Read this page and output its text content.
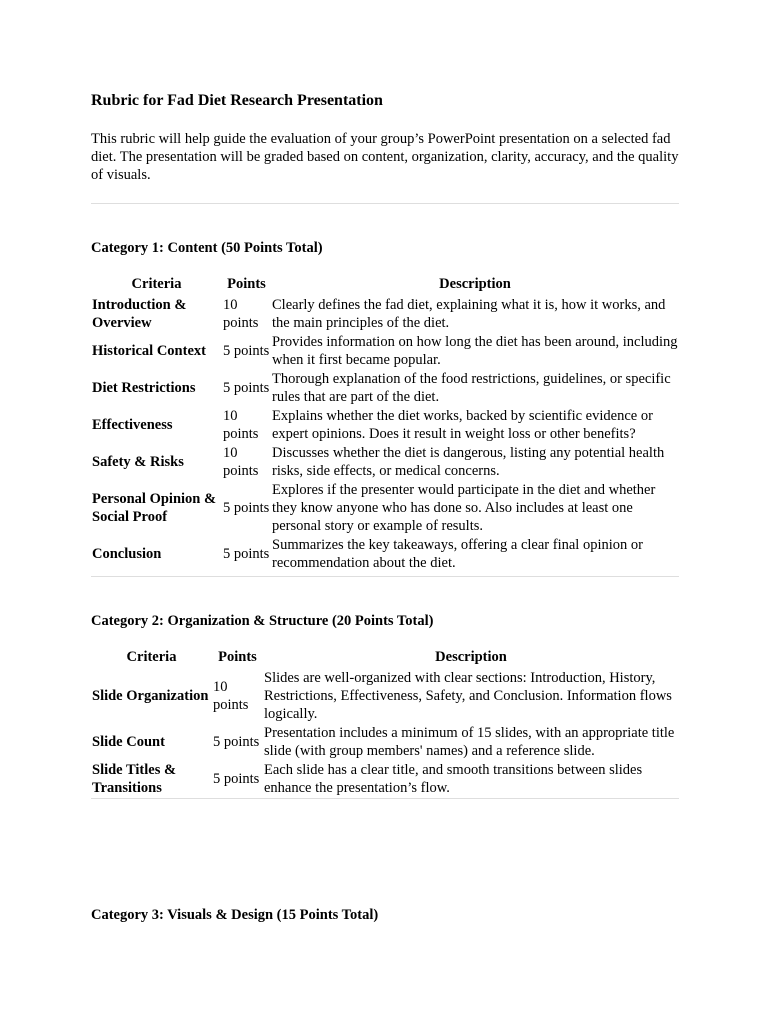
Rubric for Fad Diet Research Presentation

This rubric will help guide the evaluation of your group’s PowerPoint presentation on a selected fad diet. The presentation will be graded based on content, organization, clarity, accuracy, and the quality of visuals.

Category 1: Content (50 Points Total)
Criteria	Points	Description
Introduction & Overview	10 points	Clearly defines the fad diet, explaining what it is, how it works, and the main principles of the diet.
Historical Context	5 points	Provides information on how long the diet has been around, including when it first became popular.
Diet Restrictions	5 points	Thorough explanation of the food restrictions, guidelines, or specific rules that are part of the diet.
Effectiveness	10 points	Explains whether the diet works, backed by scientific evidence or expert opinions. Does it result in weight loss or other benefits?
Safety & Risks	10 points	Discusses whether the diet is dangerous, listing any potential health risks, side effects, or medical concerns.
Personal Opinion & Social Proof	5 points	Explores if the presenter would participate in the diet and whether they know anyone who has done so. Also includes at least one personal story or example of results.
Conclusion	5 points	Summarizes the key takeaways, offering a clear final opinion or recommendation about the diet.
Category 2: Organization & Structure (20 Points Total)
Criteria	Points	Description
Slide Organization	10 points	Slides are well-organized with clear sections: Introduction, History, Restrictions, Effectiveness, Safety, and Conclusion. Information flows logically.
Slide Count	5 points	Presentation includes a minimum of 15 slides, with an appropriate title slide (with group members' names) and a reference slide.
Slide Titles & Transitions	5 points	Each slide has a clear title, and smooth transitions between slides enhance the presentation’s flow.
Category 3: Visuals & Design (15 Points Total)
